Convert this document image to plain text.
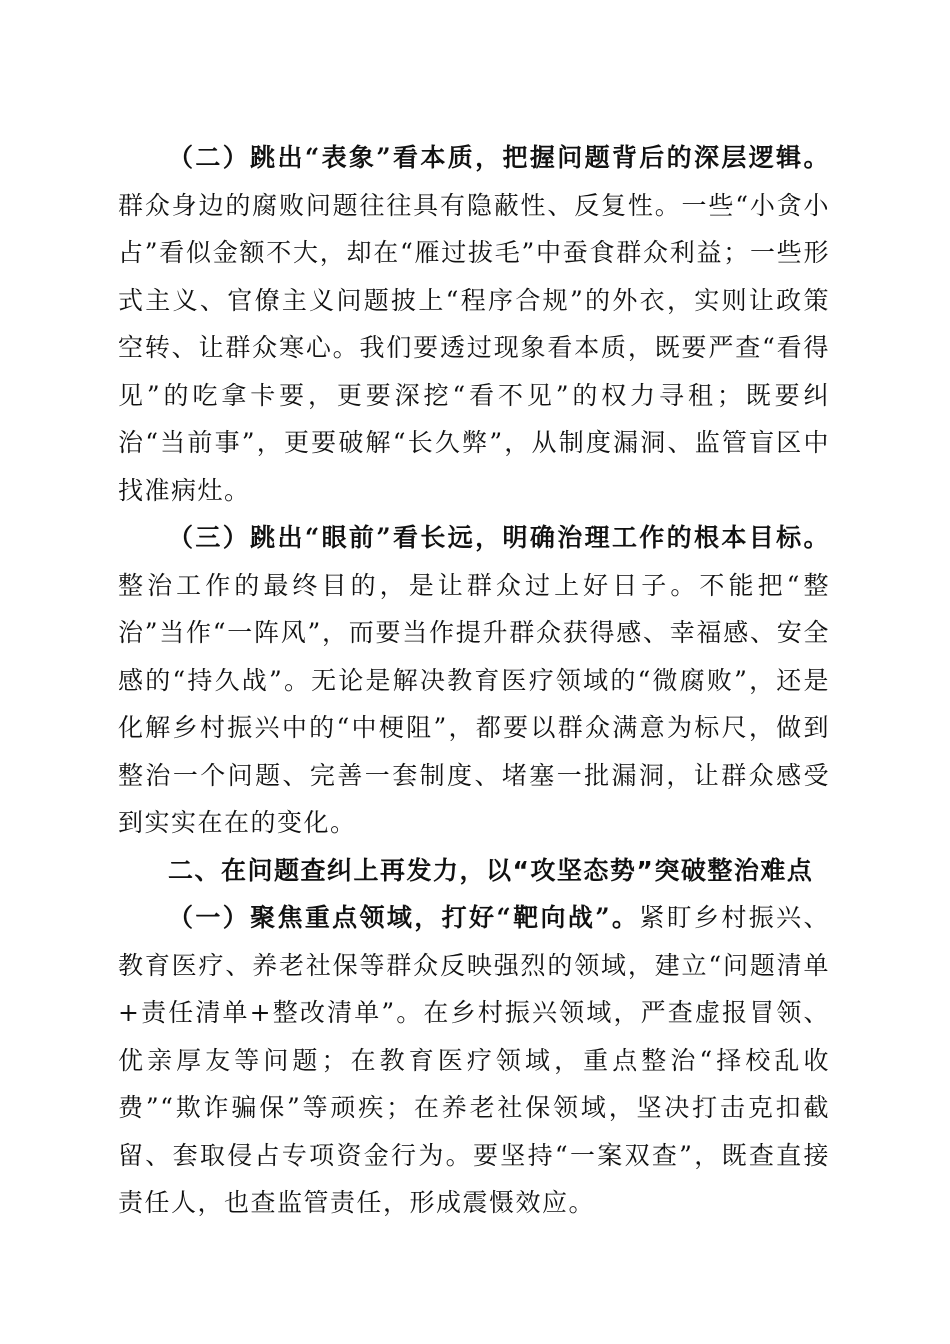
（二）跳出“表象”看本质，把握问题背后的深层逻辑。群众身边的腐败问题往往具有隐蔽性、反复性。一些“小贪小占”看似金额不大，却在“雁过拔毛”中蚕食群众利益；一些形式主义、官僚主义问题披上“程序合规”的外衣，实则让政策空转、让群众寒心。我们要透过现象看本质，既要严查“看得见”的吃拿卡要，更要深挖“看不见”的权力寻租；既要纠治“当前事”，更要破解“长久弊”，从制度漏洞、监管盲区中找准病灶。

（三）跳出“眼前”看长远，明确治理工作的根本目标。整治工作的最终目的，是让群众过上好日子。不能把“整治”当作“一阵风”，而要当作提升群众获得感、幸福感、安全感的“持久战”。无论是解决教育医疗领域的“微腐败”，还是化解乡村振兴中的“中梗阻”，都要以群众满意为标尺，做到整治一个问题、完善一套制度、堵塞一批漏洞，让群众感受到实实在在的变化。

二、在问题查纠上再发力，以“攻坚态势”突破整治难点

（一）聚焦重点领域，打好“靶向战”。紧盯乡村振兴、教育医疗、养老社保等群众反映强烈的领域，建立“问题清单+责任清单+整改清单”。在乡村振兴领域，严查虚报冒领、优亲厚友等问题；在教育医疗领域，重点整治“择校乱收费”“欺诈骗保”等顽疾；在养老社保领域，坚决打击克扣截留、套取侵占专项资金行为。要坚持“一案双查”，既查直接责任人，也查监管责任，形成震慑效应。
